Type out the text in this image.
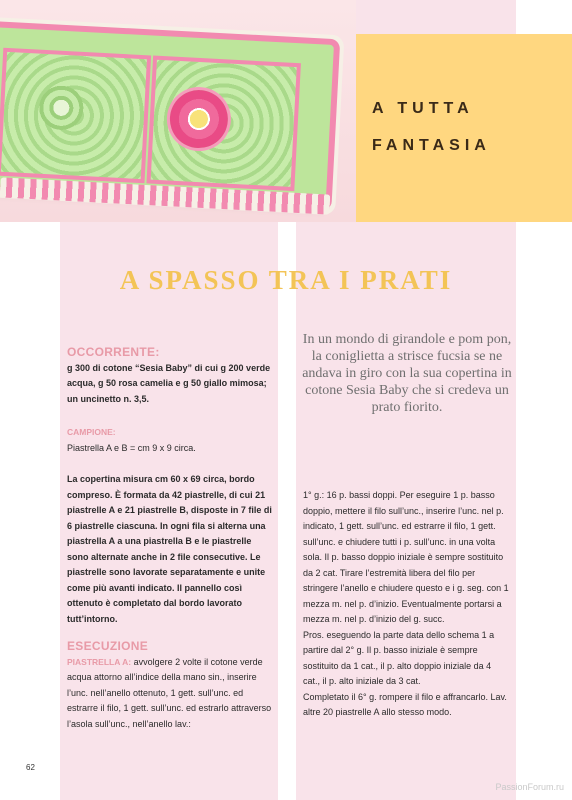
A TUTTA

FANTASIA

A SPASSO TRA I PRATI

In un mondo di girandole e pom pon, la coniglietta a strisce fucsia se ne andava in giro con la sua copertina in cotone Sesia Baby che si credeva un prato fiorito.

OCCORRENTE:

g 300 di cotone “Sesia Baby” di cui g 200 verde acqua, g 50 rosa camelia e g 50 giallo mimosa; un uncinetto n. 3,5.

CAMPIONE:

Piastrella A e B = cm 9 x 9 circa.

La copertina misura cm 60 x 69 circa, bordo compreso. È formata da 42 piastrelle, di cui 21 piastrelle A e 21 piastrelle B, disposte in 7 file di 6 piastrelle ciascuna. In ogni fila si alterna una piastrella A a una piastrella B e le piastrelle sono alternate anche in 2 file consecutive. Le piastrelle sono lavorate separatamente e unite come più avanti indicato. Il pannello così ottenuto è completato dal bordo lavorato tutt’intorno.

ESECUZIONE

PIASTRELLA A: avvolgere 2 volte il cotone verde acqua attorno all’indice della mano sin., inserire l’unc. nell’anello ottenuto, 1 gett. sull’unc. ed estrarre il filo, 1 gett. sull’unc. ed estrarlo attraverso l’asola sull’unc., nell’anello lav.:

1° g.: 16 p. bassi doppi. Per eseguire 1 p. basso doppio, mettere il filo sull’unc., inserire l’unc. nel p. indicato, 1 gett. sull’unc. ed estrarre il filo, 1 gett. sull’unc. e chiudere tutti i p. sull’unc. in una volta sola. Il p. basso doppio iniziale è sempre sostituito da 2 cat. Tirare l’estremità libera del filo per stringere l’anello e chiudere questo e i g. seg. con 1 mezza m. nel p. d’inizio. Eventualmente portarsi a mezza m. nel p. d’inizio del g. succ.

Pros. eseguendo la parte data dello schema 1 a partire dal 2° g. Il p. basso iniziale è sempre sostituito da 1 cat., il p. alto doppio iniziale da 4 cat., il p. alto iniziale da 3 cat.

Completato il 6° g. rompere il filo e affrancarlo. Lav. altre 20 piastrelle A allo stesso modo.

62

PassionForum.ru
